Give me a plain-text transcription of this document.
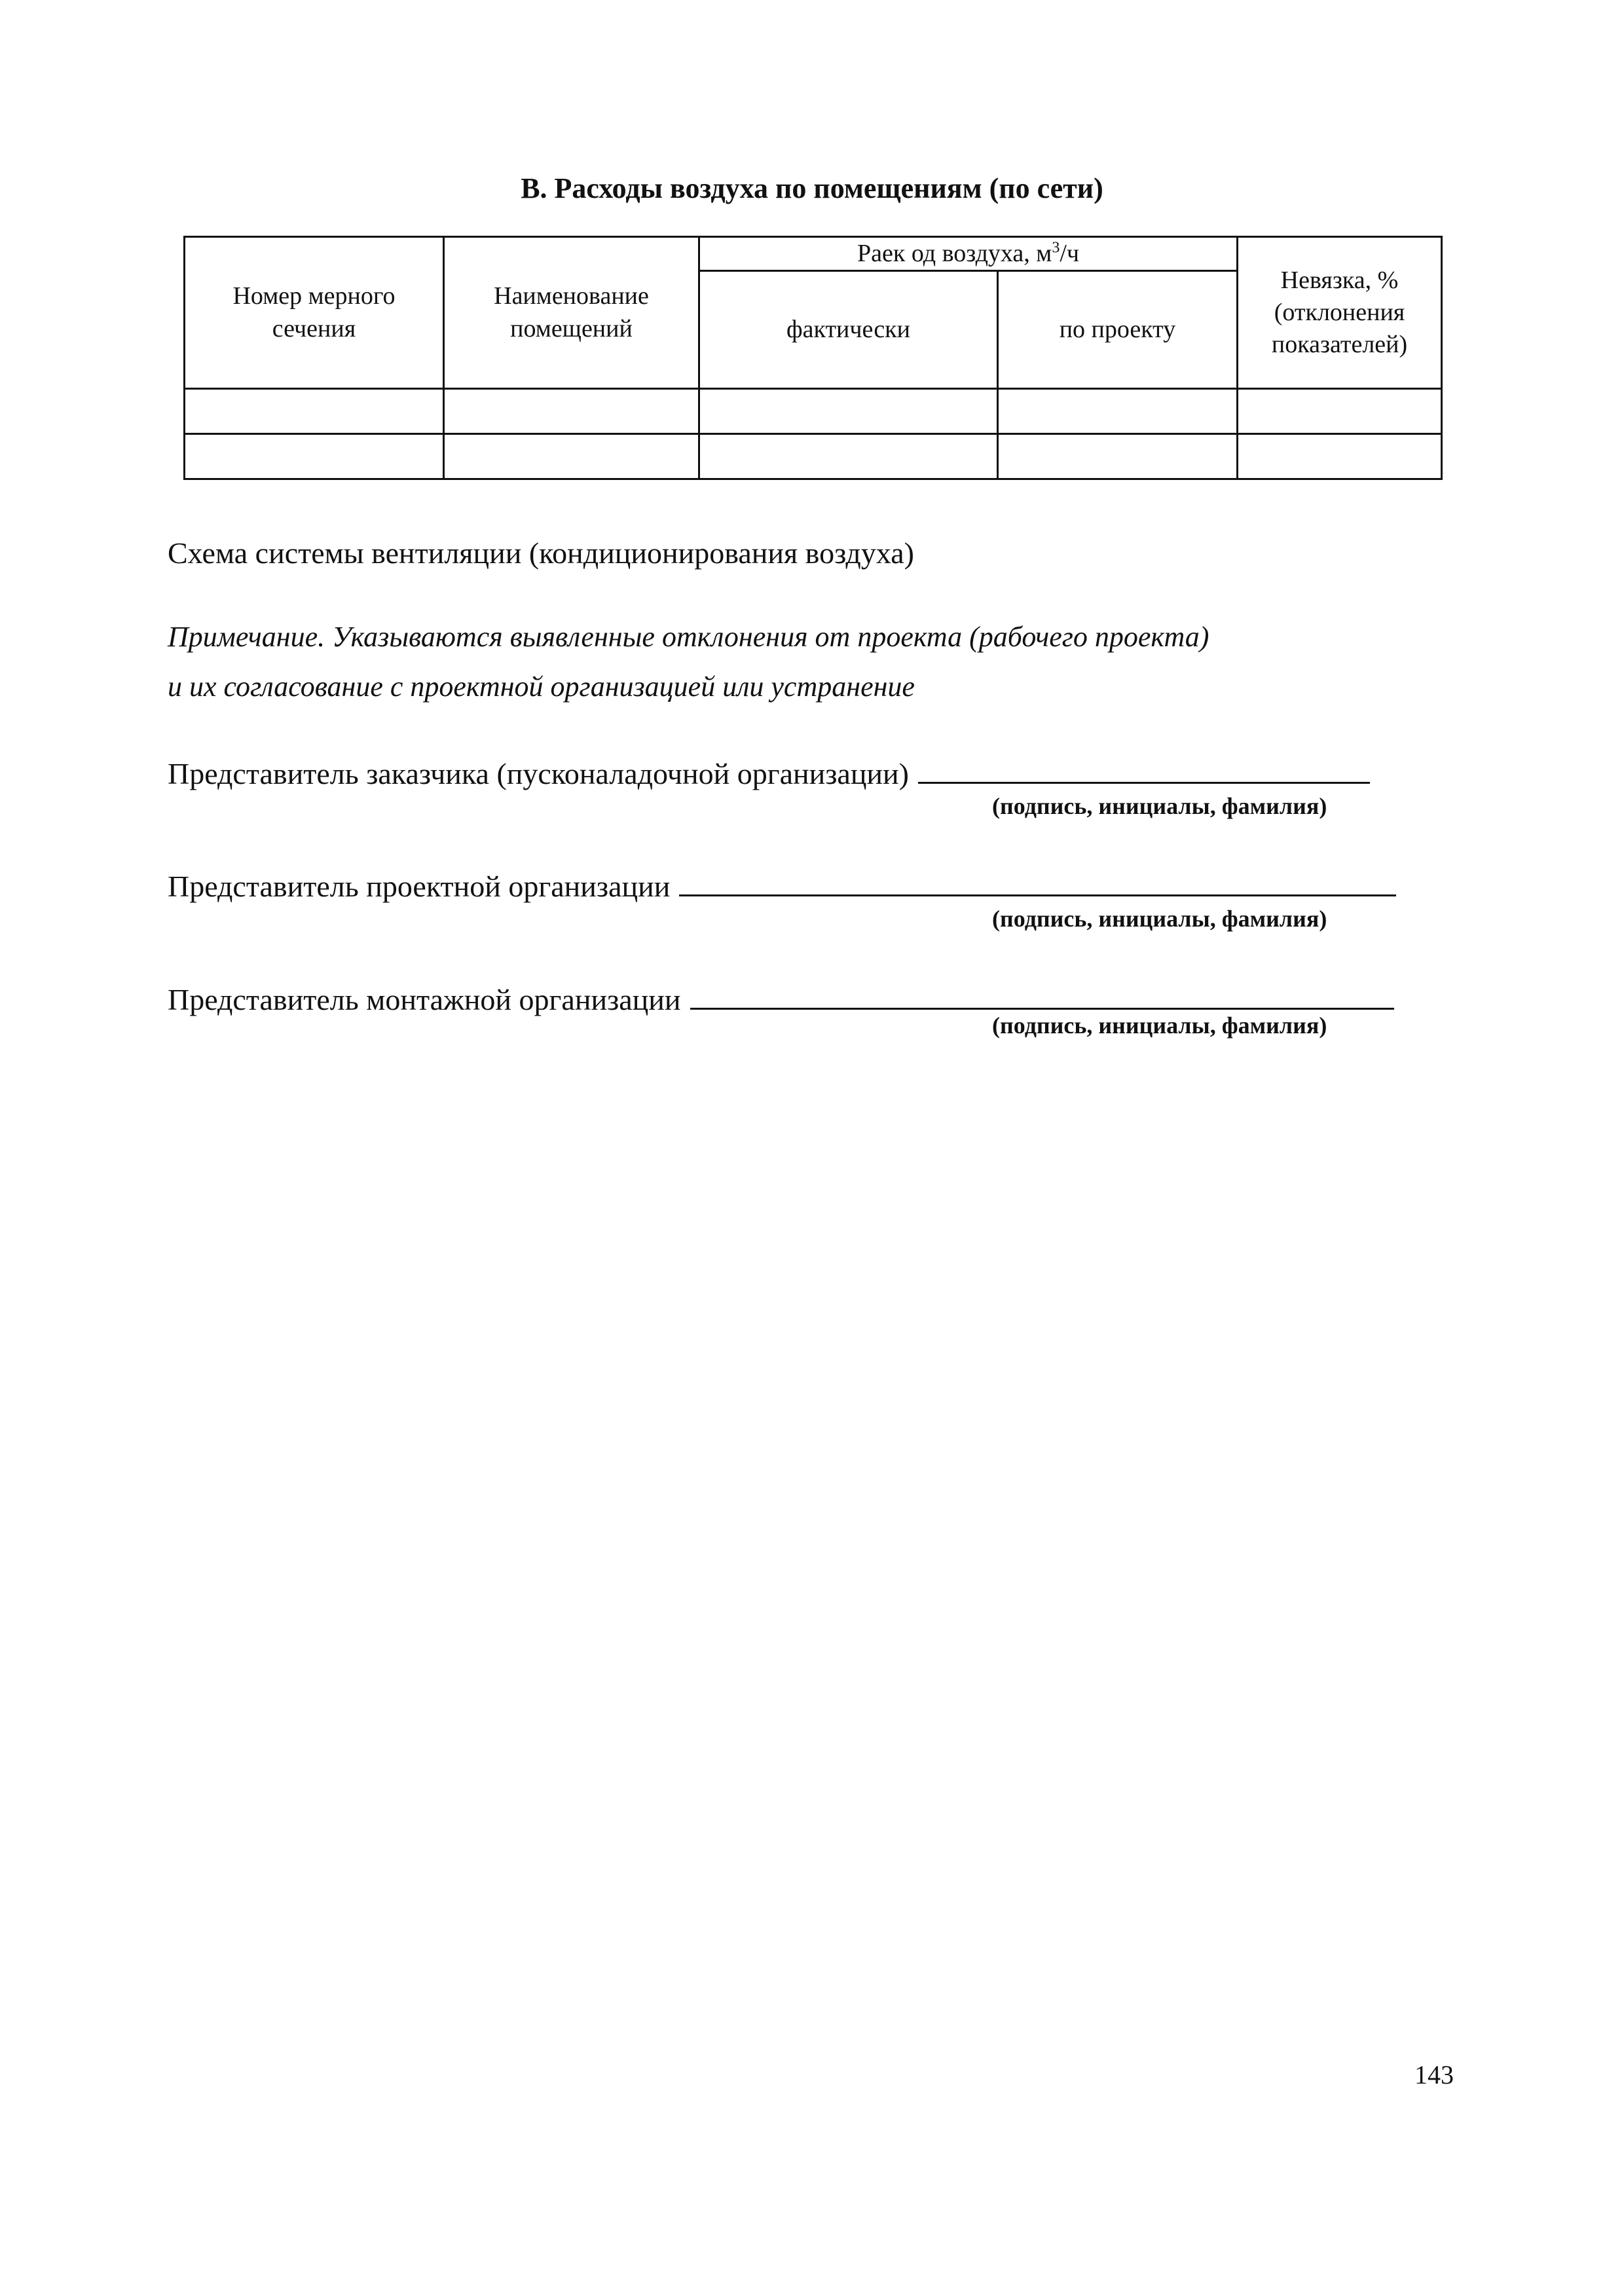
В. Расходы воздуха по помещениям (по сети)
Номер мерного сечения	Наименование помещений	Раек од воздуха, $м^3/ч$		Невязка, % (отклонения показателей)
		фактически	по проекту	

Схема системы вентиляции (кондиционирования воздуха)
Примечание. Указываются выявленные отклонения от проекта (рабочего проекта)
и их согласование с проектной организацией или устранение
Представитель заказчика (пусконаладочной организации)
(подпись, инициалы, фамилия)
Представитель проектной организации
(подпись, инициалы, фамилия)
Представитель монтажной организации
(подпись, инициалы, фамилия)
143
